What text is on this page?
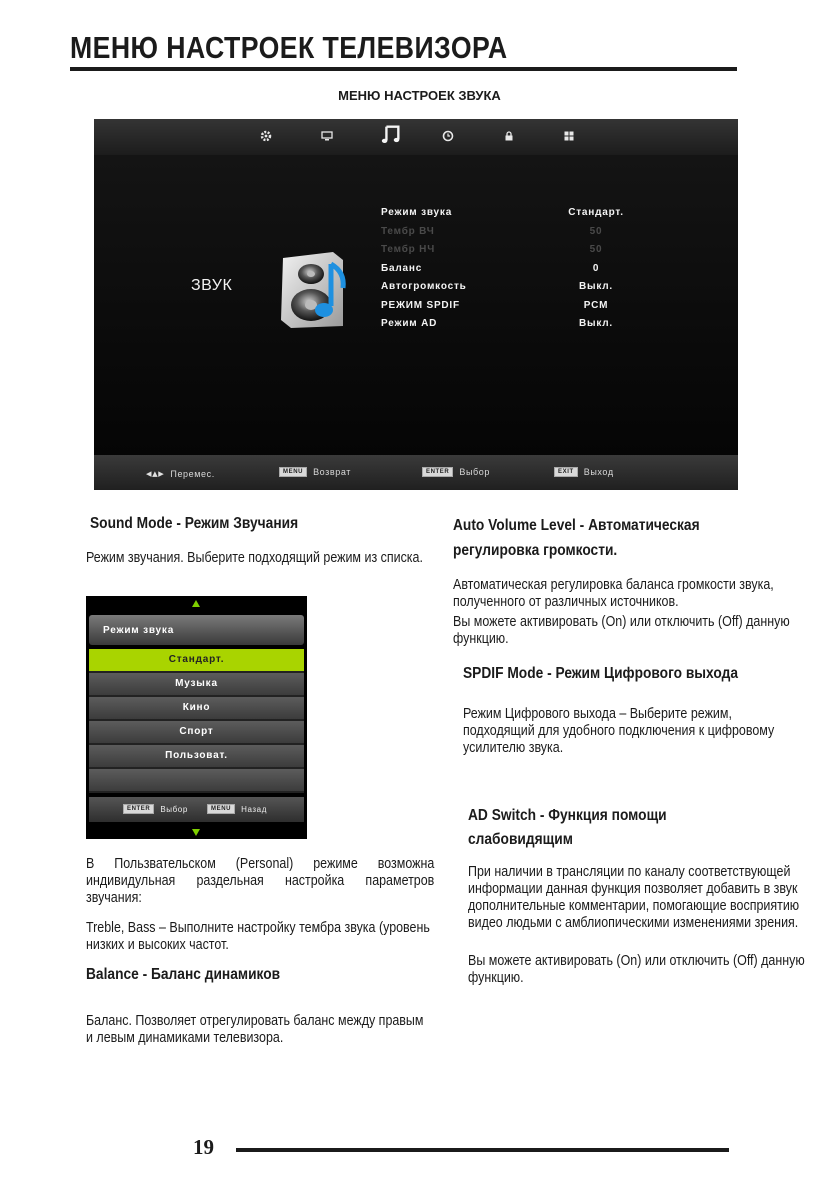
МЕНЮ НАСТРОЕК ТЕЛЕВИЗОРА
МЕНЮ НАСТРОЕК ЗВУКА
ЗВУК
Режим звука	Стандарт.
Тембр ВЧ	50
Тембр НЧ	50
Баланс	0
Автогромкость	Выкл.
РЕЖИМ SPDIF	PCM
Режим AD	Выкл.
◂▴▸ Перемес.	MENU	Возврат	ENTER	Выбор	EXIT	Выход
Sound Mode - Режим Звучания
Режим звучания. Выберите подходящий режим из списка.
Режим звука
Стандарт.
Музыка
Кино
Спорт
Пользоват.
ENTER	Выбор	MENU	Назад
В Пользвательском (Personal) режиме возможна индивидульная раздельная настройка параметров звучания:
Treble, Bass – Выполните настройку тембра звука (уровень низких и высоких частот.
Balance - Баланс динамиков
Баланс. Позволяет отрегулировать баланс между правым и левым динамиками телевизора.
Auto Volume Level - Автоматическая
регулировка громкости.
Автоматическая регулировка баланса громкости звука, полученного от различных источников.
Вы можете активировать (On) или отключить (Off) данную функцию.
SPDIF Mode - Режим Цифрового выхода
Режим Цифрового выхода – Выберите режим, подходящий для удобного подключения к цифровому усилителю звука.
AD Switch - Функция помощи
слабовидящим
При наличии в трансляции по каналу соответствующей информации данная функция позволяет добавить в звук дополнительные комментарии, помогающие восприятию видео людьми с амблиопическими изменениями зрения.
Вы можете активировать (On) или отключить (Off) данную функцию.
19
